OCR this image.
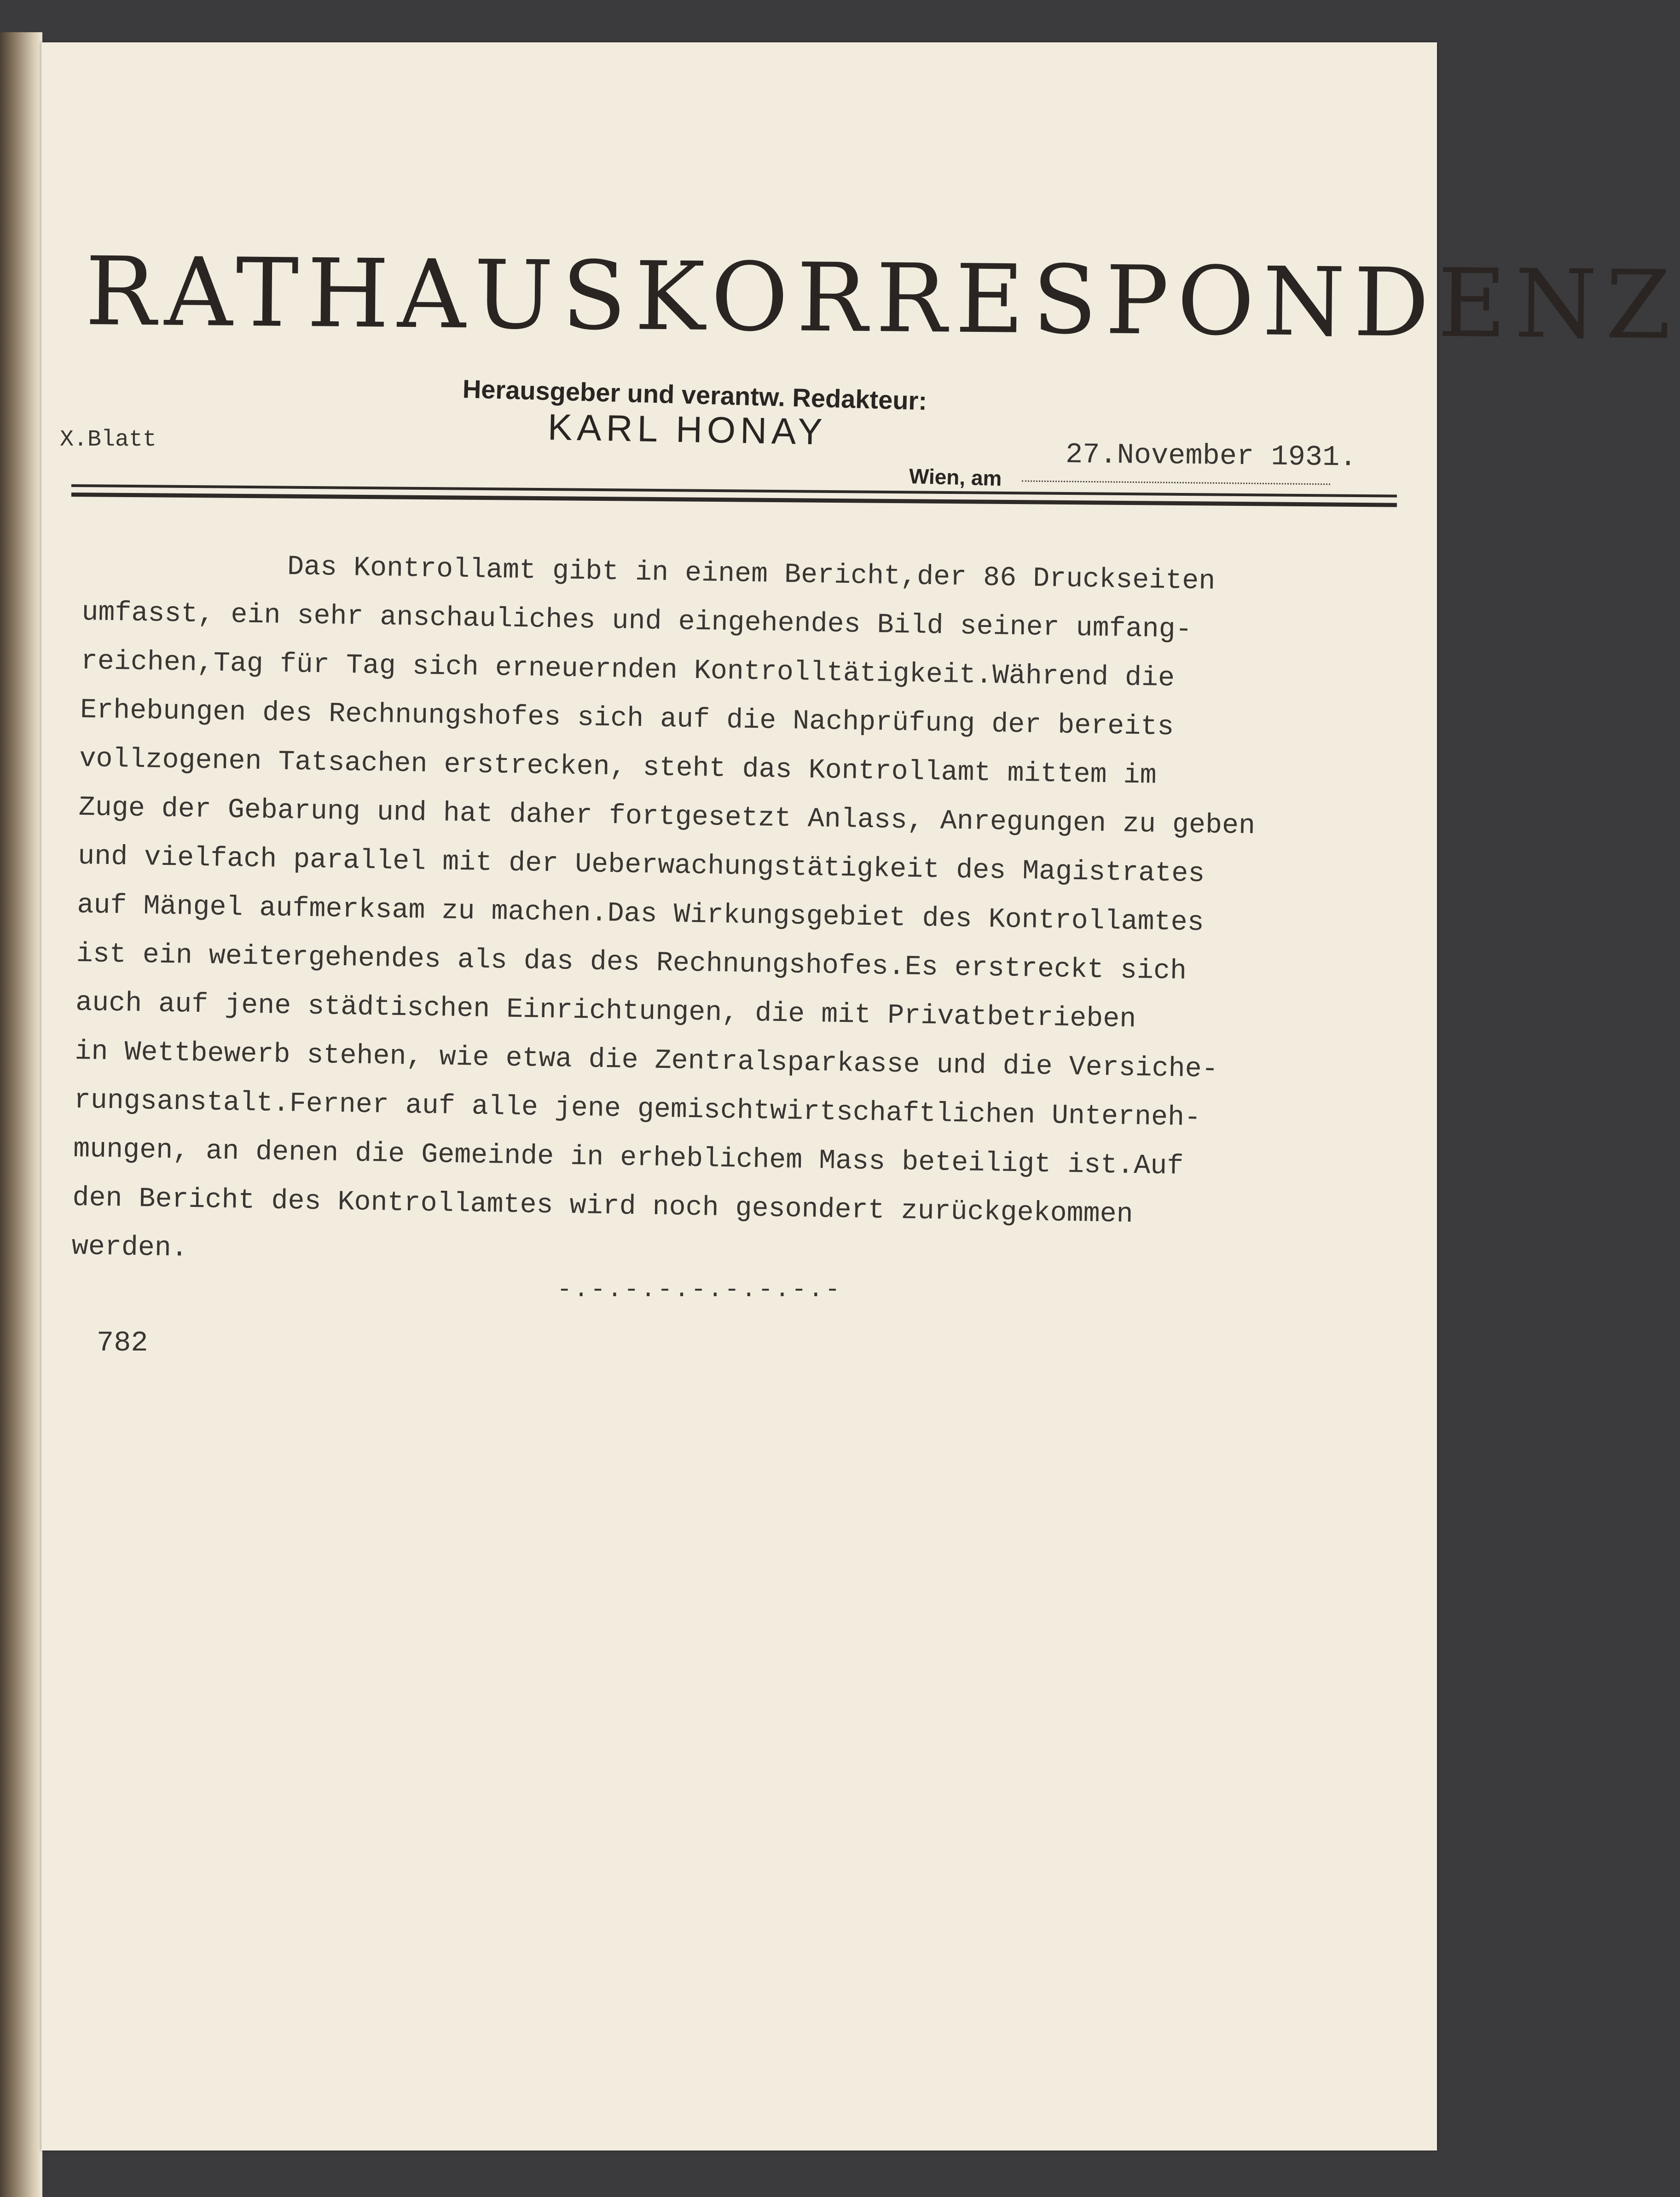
RATHAUSKORRESPONDENZ
Herausgeber und verantw. Redakteur:
KARL HONAY
X.Blatt
Wien, am
27.November 1931.
Das Kontrollamt gibt in einem Bericht,der 86 Druckseiten
umfasst, ein sehr anschauliches und eingehendes Bild seiner umfang-
reichen,Tag für Tag sich erneuernden Kontrolltätigkeit.Während die
Erhebungen des Rechnungshofes sich auf die Nachprüfung der bereits
vollzogenen Tatsachen erstrecken, steht das Kontrollamt mittem im
Zuge der Gebarung und hat daher fortgesetzt Anlass, Anregungen zu geben
und vielfach parallel mit der Ueberwachungstätigkeit des Magistrates
auf Mängel aufmerksam zu machen.Das Wirkungsgebiet des Kontrollamtes
ist ein weitergehendes als das des Rechnungshofes.Es erstreckt sich
auch auf jene städtischen Einrichtungen, die mit Privatbetrieben
in Wettbewerb stehen, wie etwa die Zentralsparkasse und die Versiche-
rungsanstalt.Ferner auf alle jene gemischtwirtschaftlichen Unterneh-
mungen, an denen die Gemeinde in erheblichem Mass beteiligt ist.Auf
den Bericht des Kontrollamtes wird noch gesondert zurückgekommen
werden.
-.-.-.-.-.-.-.-.-
782
